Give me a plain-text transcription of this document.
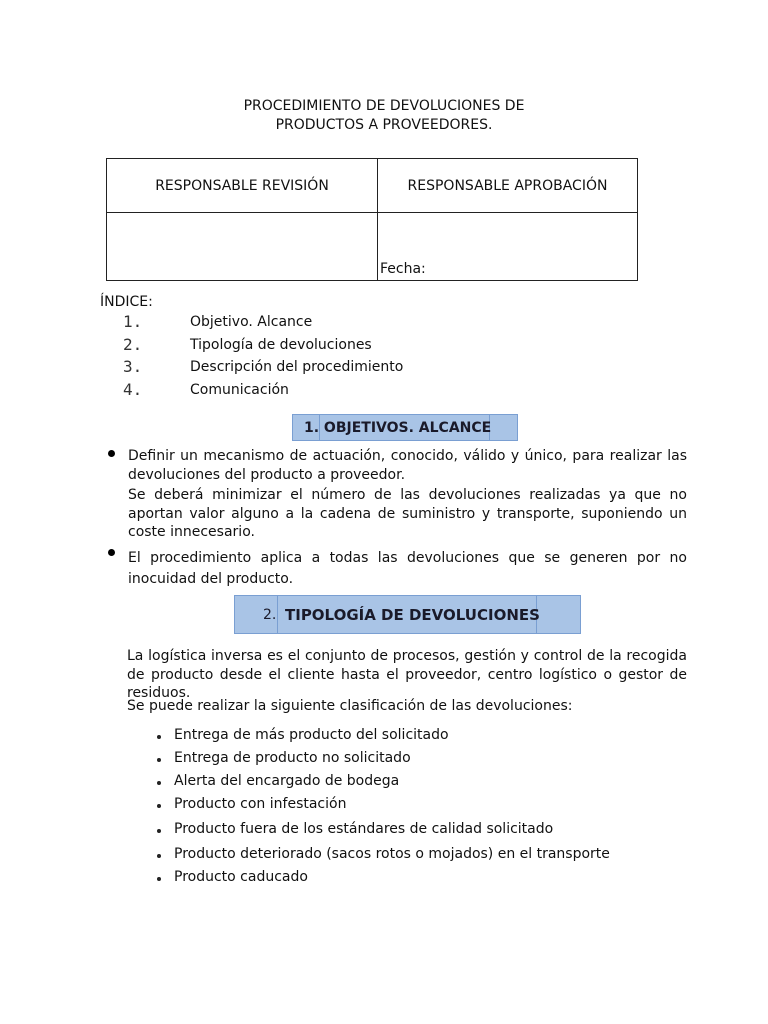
PROCEDIMIENTO DE DEVOLUCIONES DE
PRODUCTOS A PROVEEDORES.
RESPONSABLE REVISIÓN	RESPONSABLE APROBACIÓN
	Fecha:
ÍNDICE:
1.	Objetivo. Alcance
2.	Tipología de devoluciones
3.	Descripción del procedimiento
4.	Comunicación
1. OBJETIVOS. ALCANCE
Definir un mecanismo de actuación, conocido, válido y único, para realizar las devoluciones del producto a proveedor.
Se deberá minimizar el número de las devoluciones realizadas ya que no aportan valor alguno a la cadena de suministro y transporte, suponiendo un coste innecesario.
El procedimiento aplica a todas las devoluciones que se generen por no inocuidad del producto.
2. TIPOLOGÍA DE DEVOLUCIONES
La logística inversa es el conjunto de procesos, gestión y control de la recogida de producto desde el cliente hasta el proveedor, centro logístico o gestor de residuos.
Se puede realizar la siguiente clasificación de las devoluciones:
Entrega de más producto del solicitado
Entrega de producto no solicitado
Alerta del encargado de bodega
Producto con infestación
Producto fuera de los estándares de calidad solicitado
Producto deteriorado (sacos rotos o mojados) en el transporte
Producto caducado
